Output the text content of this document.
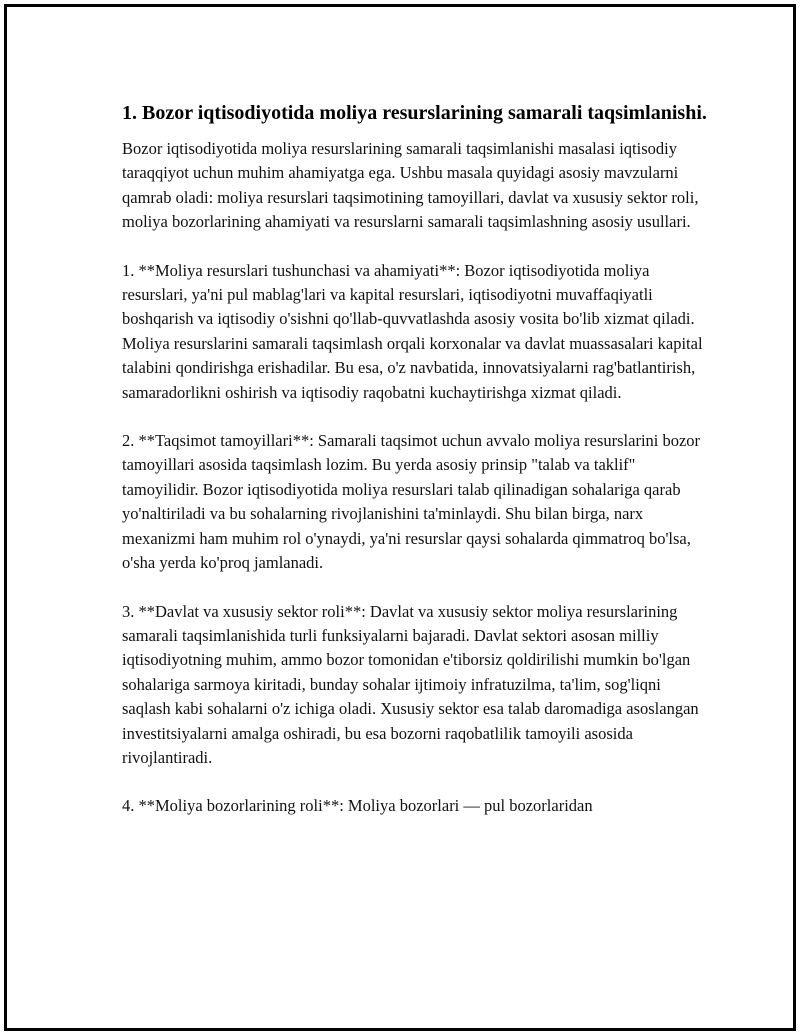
1. Bozor iqtisodiyotida moliya resurslarining samarali taqsimlanishi.

Bozor iqtisodiyotida moliya resurslarining samarali taqsimlanishi masalasi iqtisodiy taraqqiyot uchun muhim ahamiyatga ega. Ushbu masala quyidagi asosiy mavzularni qamrab oladi: moliya resurslari taqsimotining tamoyillari, davlat va xususiy sektor roli, moliya bozorlarining ahamiyati va resurslarni samarali taqsimlashning asosiy usullari.

1. **Moliya resurslari tushunchasi va ahamiyati**: Bozor iqtisodiyotida moliya resurslari, ya'ni pul mablag'lari va kapital resurslari, iqtisodiyotni muvaffaqiyatli boshqarish va iqtisodiy o'sishni qo'llab-quvvatlashda asosiy vosita bo'lib xizmat qiladi. Moliya resurslarini samarali taqsimlash orqali korxonalar va davlat muassasalari kapital talabini qondirishga erishadilar. Bu esa, o'z navbatida, innovatsiyalarni rag'batlantirish, samaradorlikni oshirish va iqtisodiy raqobatni kuchaytirishga xizmat qiladi.

2. **Taqsimot tamoyillari**: Samarali taqsimot uchun avvalo moliya resurslarini bozor tamoyillari asosida taqsimlash lozim. Bu yerda asosiy prinsip "talab va taklif" tamoyilidir. Bozor iqtisodiyotida moliya resurslari talab qilinadigan sohalariga qarab yo'naltiriladi va bu sohalarning rivojlanishini ta'minlaydi. Shu bilan birga, narx mexanizmi ham muhim rol o'ynaydi, ya'ni resurslar qaysi sohalarda qimmatroq bo'lsa, o'sha yerda ko'proq jamlanadi.

3. **Davlat va xususiy sektor roli**: Davlat va xususiy sektor moliya resurslarining samarali taqsimlanishida turli funksiyalarni bajaradi. Davlat sektori asosan milliy iqtisodiyotning muhim, ammo bozor tomonidan e'tiborsiz qoldirilishi mumkin bo'lgan sohalariga sarmoya kiritadi, bunday sohalar ijtimoiy infratuzilma, ta'lim, sog'liqni saqlash kabi sohalarni o'z ichiga oladi. Xususiy sektor esa talab daromadiga asoslangan investitsiyalarni amalga oshiradi, bu esa bozorni raqobatlilik tamoyili asosida rivojlantiradi.

4. **Moliya bozorlarining roli**: Moliya bozorlari — pul bozorlaridan
